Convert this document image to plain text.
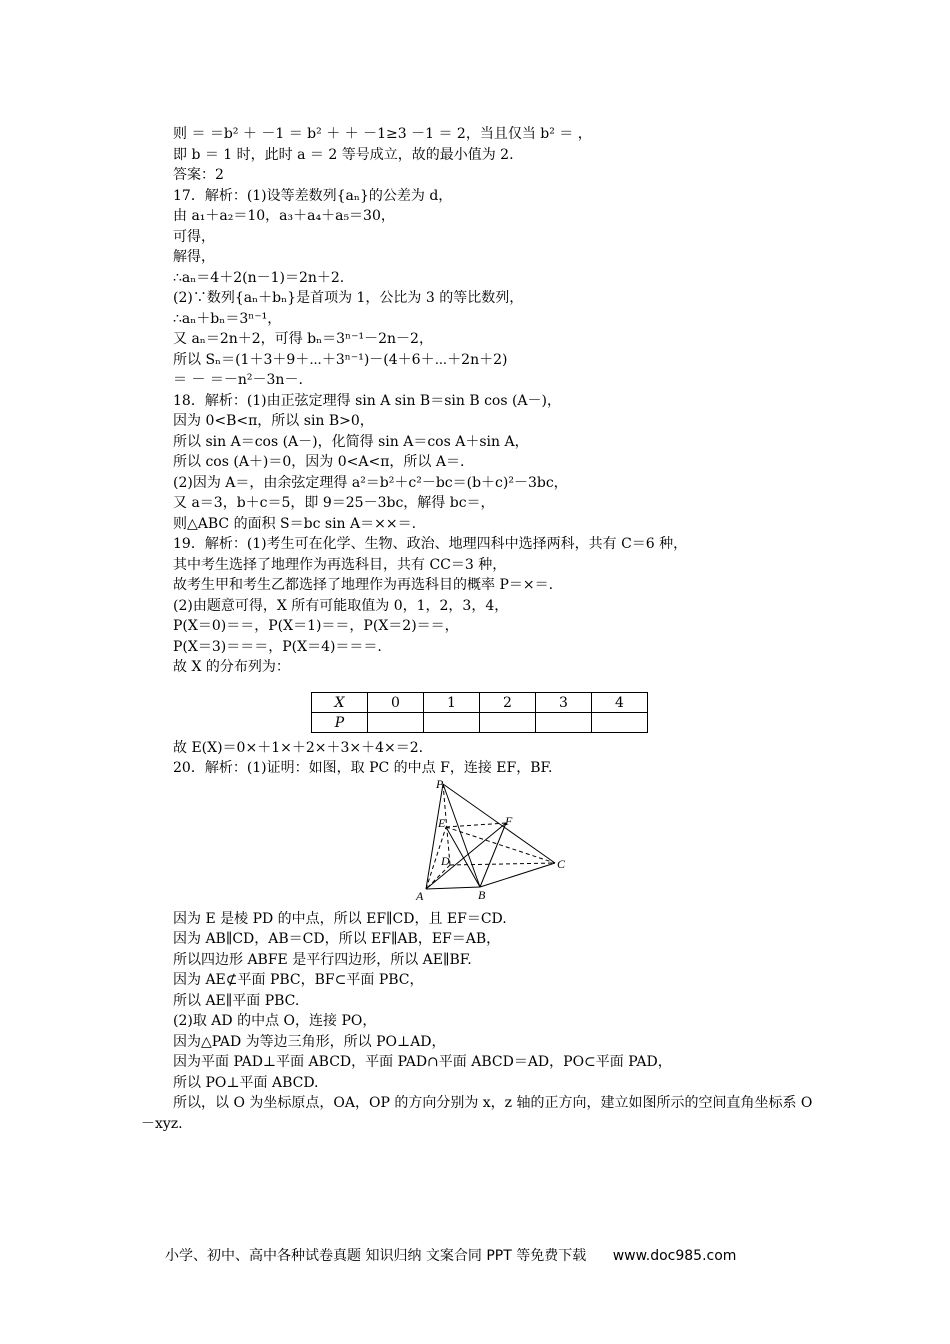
则 ＝ ＝b² ＋ －1 ＝ b² ＋ ＋ －1≥3 －1 ＝ 2，当且仅当 b² ＝ ，
即 b ＝ 1 时，此时 a ＝ 2 等号成立，故的最小值为 2.
答案：2
17．解析：(1)设等差数列{aₙ}的公差为 d，
由 a₁＋a₂＝10，a₃＋a₄＋a₅＝30，
可得，
解得，
∴aₙ＝4＋2(n－1)＝2n＋2.
(2)∵数列{aₙ＋bₙ}是首项为 1，公比为 3 的等比数列，
∴aₙ＋bₙ＝3ⁿ⁻¹，
又 aₙ＝2n＋2，可得 bₙ＝3ⁿ⁻¹－2n－2，
所以 Sₙ＝(1＋3＋9＋⋯＋3ⁿ⁻¹)－(4＋6＋⋯＋2n＋2)
＝ － ＝－n²－3n－.
18．解析：(1)由正弦定理得 sin A sin B＝sin B cos (A－)，
因为 0<B<π，所以 sin B>0，
所以 sin A＝cos (A－)，化简得 sin A＝cos A＋sin A，
所以 cos (A＋)＝0，因为 0<A<π，所以 A＝.
(2)因为 A＝，由余弦定理得 a²＝b²＋c²－bc＝(b＋c)²－3bc，
又 a＝3，b＋c＝5，即 9＝25－3bc，解得 bc＝，
则△ABC 的面积 S＝bc sin A＝××＝.
19．解析：(1)考生可在化学、生物、政治、地理四科中选择两科，共有 C＝6 种，
其中考生选择了地理作为再选科目，共有 CC＝3 种，
故考生甲和考生乙都选择了地理作为再选科目的概率 P＝×＝.
(2)由题意可得，X 所有可能取值为 0，1，2，3，4，
P(X＝0)＝＝，P(X＝1)＝＝，P(X＝2)＝＝，
P(X＝3)＝＝＝，P(X＝4)＝＝＝.
故 X 的分布列为：
故 E(X)＝0×＋1×＋2×＋3×＋4×＝2.
20．解析：(1)证明：如图，取 PC 的中点 F，连接 EF，BF.
因为 E 是棱 PD 的中点，所以 EF∥CD，且 EF＝CD.
因为 AB∥CD，AB＝CD，所以 EF∥AB，EF＝AB，
所以四边形 ABFE 是平行四边形，所以 AE∥BF.
因为 AE⊄平面 PBC，BF⊂平面 PBC，
所以 AE∥平面 PBC.
(2)取 AD 的中点 O，连接 PO，
因为△PAD 为等边三角形，所以 PO⊥AD，
因为平面 PAD⊥平面 ABCD，平面 PAD∩平面 ABCD＝AD，PO⊂平面 PAD，
所以 PO⊥平面 ABCD.
所以，以 O 为坐标原点，OA，OP 的方向分别为 x，z 轴的正方向，建立如图所示的空间直角坐标系 O－xyz.
X	0	1	2	3	4
P					
P
E	F
D	C
A	B
小学、初中、高中各种试卷真题 知识归纳 文案合同 PPT 等免费下载 www.doc985.com
